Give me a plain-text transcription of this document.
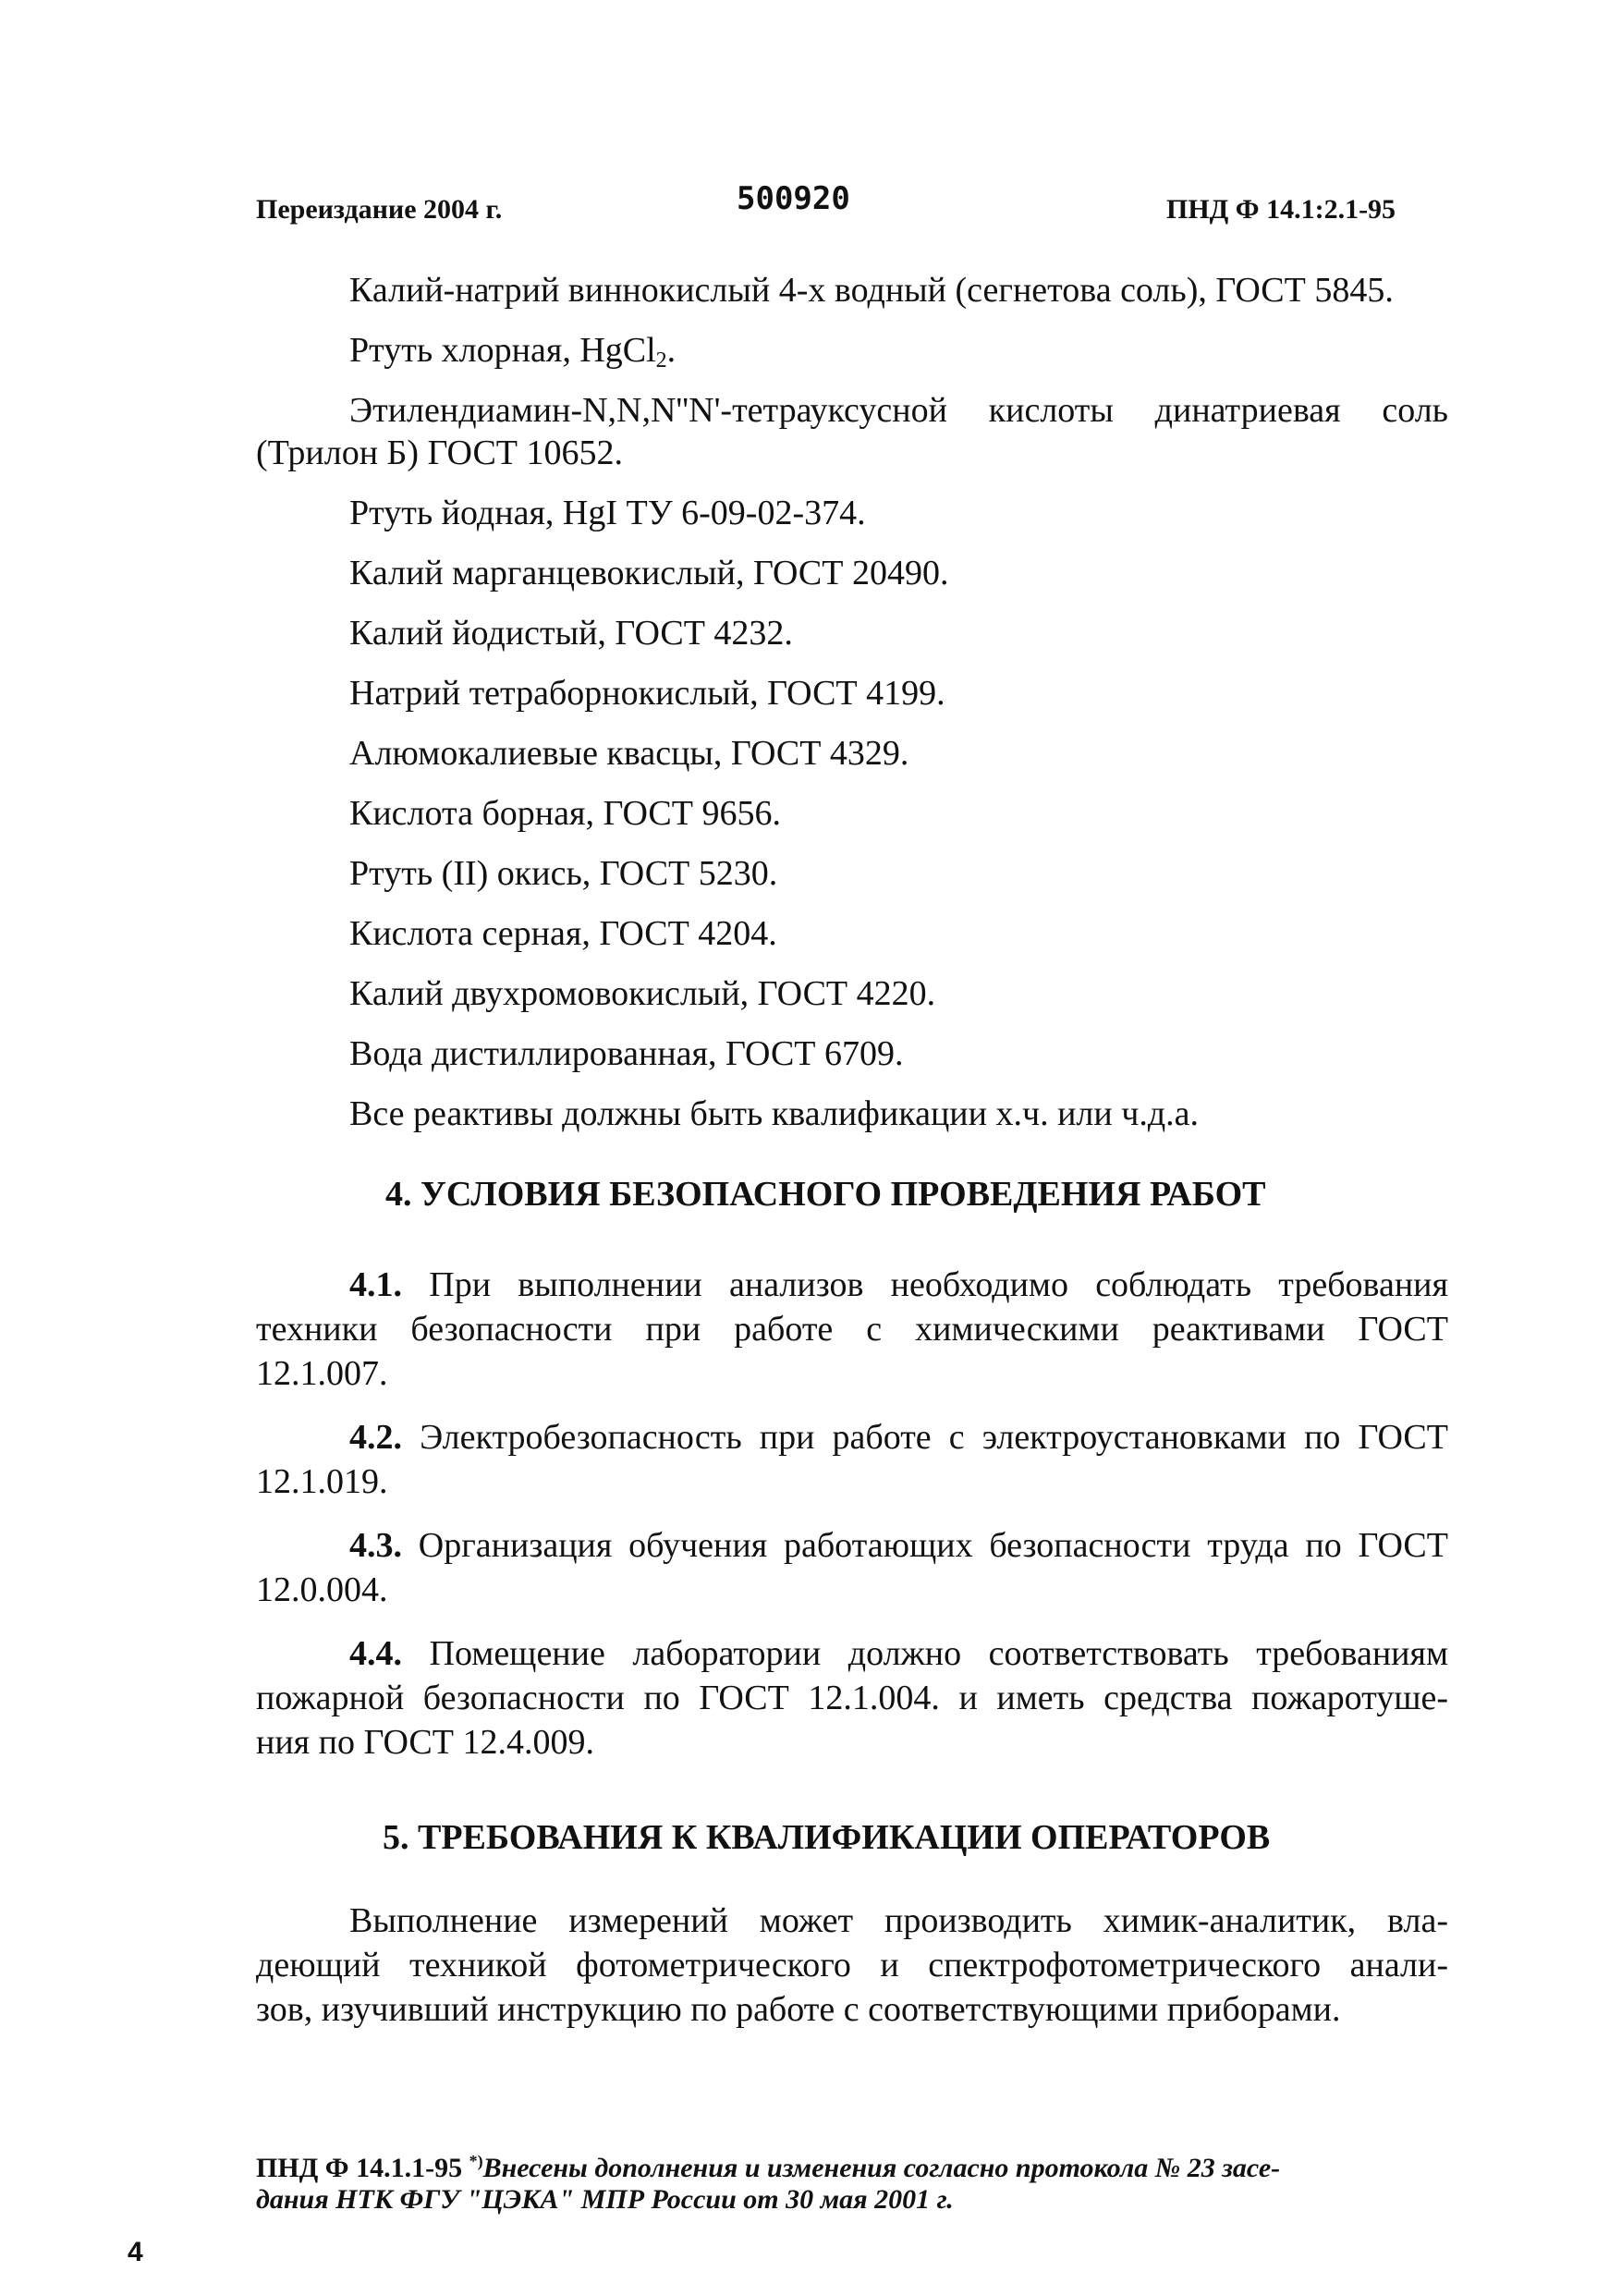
Переиздание 2004 г.	500920	ПНД Ф 14.1:2.1-95
Калий-натрий виннокислый 4-х водный (сегнетова соль), ГОСТ 5845.
Ртуть хлорная, HgCl$_2$.
Этилендиамин-N,N,N''N'-тетрауксусной кислоты динатриевая соль
(Трилон Б) ГОСТ 10652.
Ртуть йодная, HgI ТУ 6-09-02-374.
Калий марганцевокислый, ГОСТ 20490.
Калий йодистый, ГОСТ 4232.
Натрий тетраборнокислый, ГОСТ 4199.
Алюмокалиевые квасцы, ГОСТ 4329.
Кислота борная, ГОСТ 9656.
Ртуть (II) окись, ГОСТ 5230.
Кислота серная, ГОСТ 4204.
Калий двухромовокислый, ГОСТ 4220.
Вода дистиллированная, ГОСТ 6709.
Все реактивы должны быть квалификации х.ч. или ч.д.а.
4. УСЛОВИЯ БЕЗОПАСНОГО ПРОВЕДЕНИЯ РАБОТ
4.1. При выполнении анализов необходимо соблюдать требования
техники безопасности при работе с химическими реактивами ГОСТ
12.1.007.
4.2. Электробезопасность при работе с электроустановками по ГОСТ
12.1.019.
4.3. Организация обучения работающих безопасности труда по ГОСТ
12.0.004.
4.4. Помещение лаборатории должно соответствовать требованиям
пожарной безопасности по ГОСТ 12.1.004. и иметь средства пожаротуше-
ния по ГОСТ 12.4.009.
5. ТРЕБОВАНИЯ К КВАЛИФИКАЦИИ ОПЕРАТОРОВ
Выполнение измерений может производить химик-аналитик, вла-
деющий техникой фотометрического и спектрофотометрического анали-
зов, изучивший инструкцию по работе с соответствующими приборами.
ПНД Ф 14.1.1-95 *)Внесены дополнения и изменения согласно протокола № 23 засе-
дания НТК ФГУ "ЦЭКА" МПР России от 30 мая 2001 г.
4
